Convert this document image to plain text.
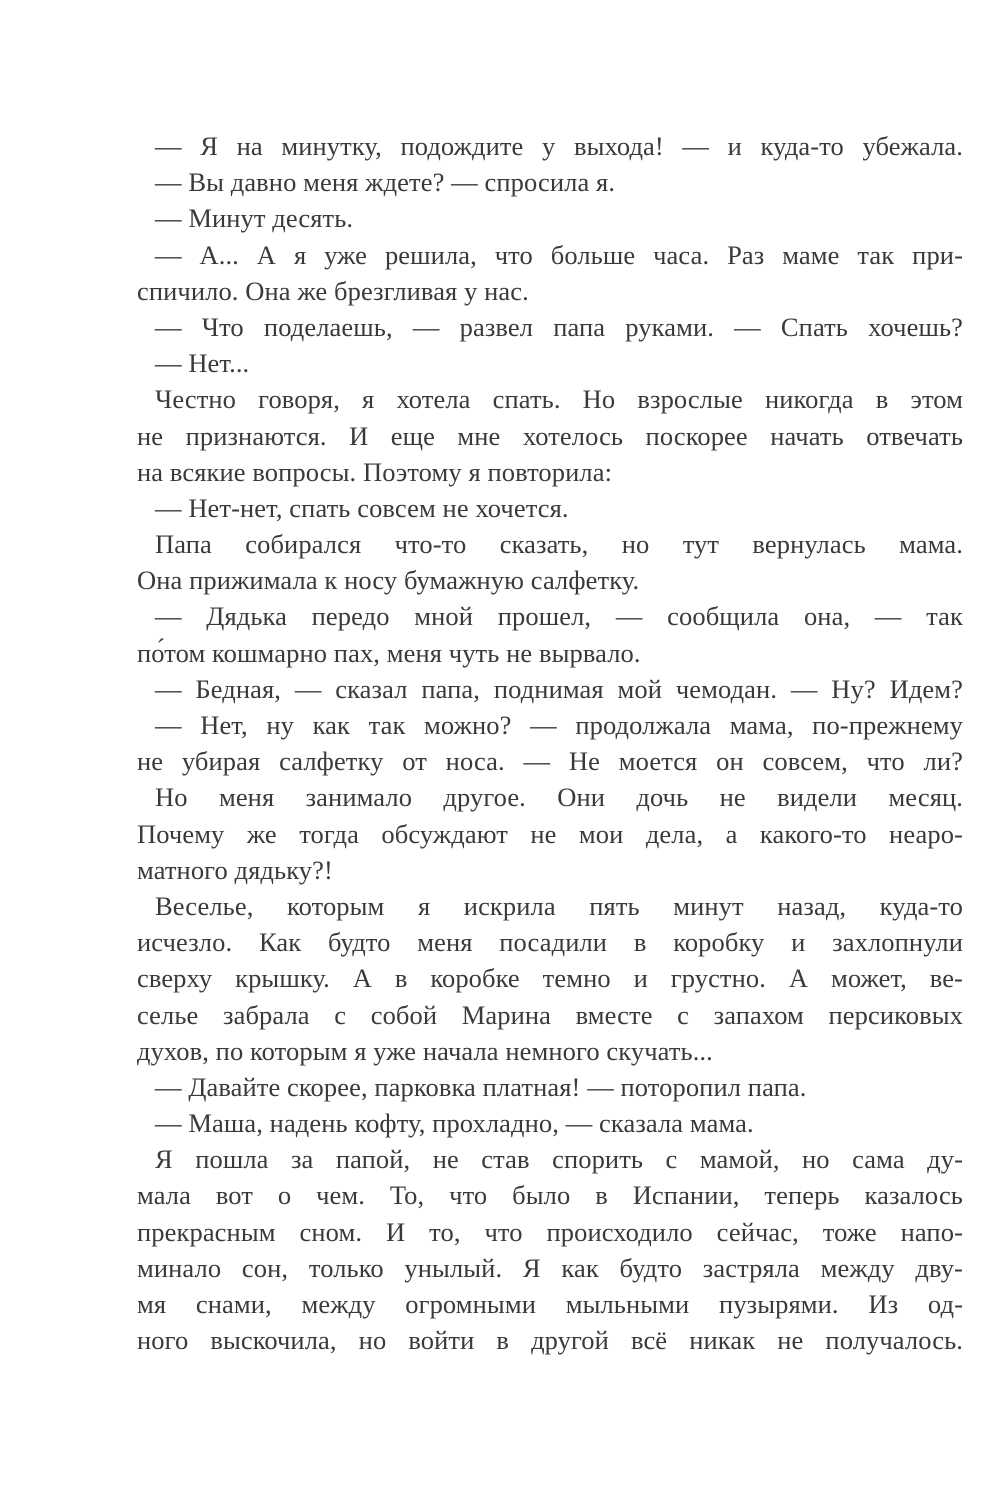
— Я на минутку, подождите у выхода! — и куда-то убежала.
— Вы давно меня ждете? — спросила я.
— Минут десять.
— А... А я уже решила, что больше часа. Раз маме так при-
спичило. Она же брезгливая у нас.
— Что поделаешь, — развел папа руками. — Спать хочешь?
— Нет...
Честно говоря, я хотела спать. Но взрослые никогда в этом
не признаются. И еще мне хотелось поскорее начать отвечать
на всякие вопросы. Поэтому я повторила:
— Нет-нет, спать совсем не хочется.
Папа собирался что-то сказать, но тут вернулась мама.
Она прижимала к носу бумажную салфетку.
— Дядька передо мной прошел, — сообщила она, — так
по́том кошмарно пах, меня чуть не вырвало.
— Бедная, — сказал папа, поднимая мой чемодан. — Ну? Идем?
— Нет, ну как так можно? — продолжала мама, по-прежнему
не убирая салфетку от носа. — Не моется он совсем, что ли?
Но меня занимало другое. Они дочь не видели месяц.
Почему же тогда обсуждают не мои дела, а какого-то неаро-
матного дядьку?!
Веселье, которым я искрила пять минут назад, куда-то
исчезло. Как будто меня посадили в коробку и захлопнули
сверху крышку. А в коробке темно и грустно. А может, ве-
селье забрала с собой Марина вместе с запахом персиковых
духов, по которым я уже начала немного скучать...
— Давайте скорее, парковка платная! — поторопил папа.
— Маша, надень кофту, прохладно, — сказала мама.
Я пошла за папой, не став спорить с мамой, но сама ду-
мала вот о чем. То, что было в Испании, теперь казалось
прекрасным сном. И то, что происходило сейчас, тоже напо-
минало сон, только унылый. Я как будто застряла между дву-
мя снами, между огромными мыльными пузырями. Из од-
ного выскочила, но войти в другой всё никак не получалось.
